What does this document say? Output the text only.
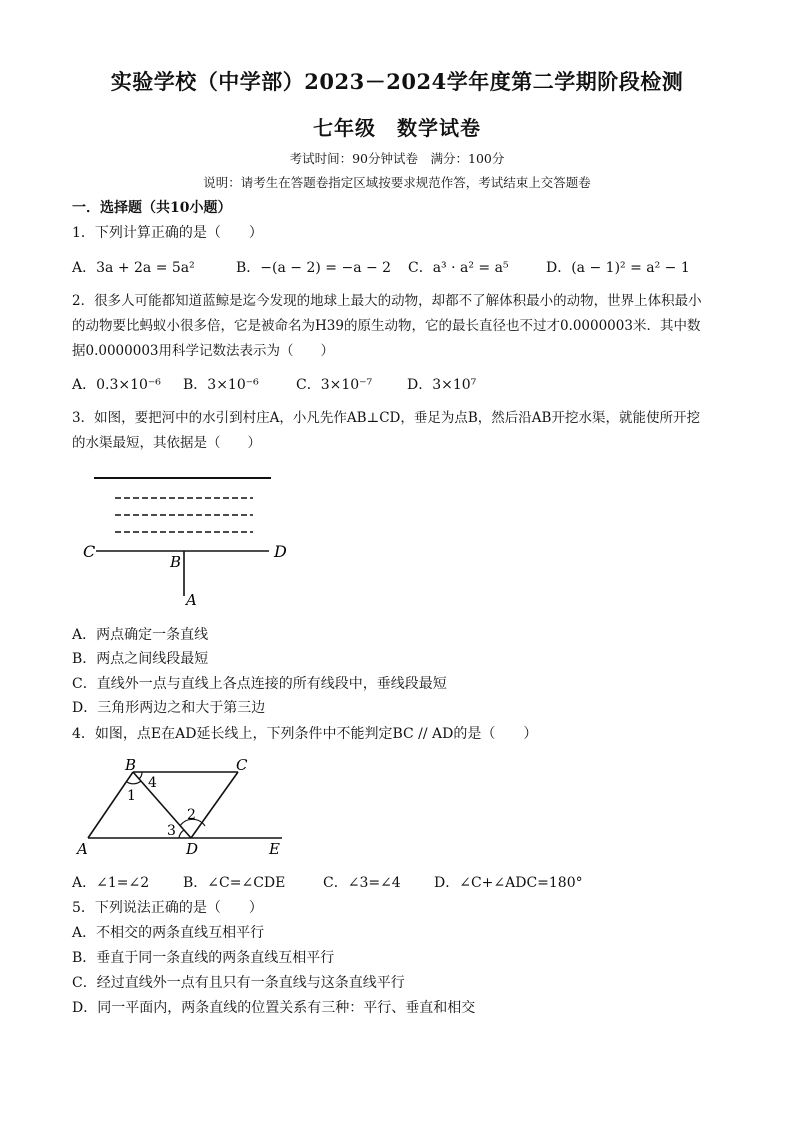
实验学校（中学部）2023－2024学年度第二学期阶段检测
七年级　数学试卷
考试时间：90分钟试卷　满分：100分
说明：请考生在答题卷指定区域按要求规范作答，考试结束上交答题卷
一．选择题（共10小题）
1．下列计算正确的是（　　）
A．3a + 2a = 5a²	B．−(a − 2) = −a − 2 C．a³ · a² = a⁵	D．(a − 1)² = a² − 1
2．很多人可能都知道蓝鲸是迄今发现的地球上最大的动物，却都不了解体积最小的动物，世界上体积最小
的动物要比蚂蚁小很多倍，它是被命名为H39的原生动物，它的最长直径也不过才0.0000003米．其中数
据0.0000003用科学记数法表示为（　　）
A．0.3×10⁻⁶ B．3×10⁻⁶	C．3×10⁻⁷ D．3×10⁷
3．如图，要把河中的水引到村庄A，小凡先作AB⊥CD，垂足为点B，然后沿AB开挖水渠，就能使所开挖
的水渠最短，其依据是（　　）
C
B
D
A
A．两点确定一条直线
B．两点之间线段最短
C．直线外一点与直线上各点连接的所有线段中，垂线段最短
D．三角形两边之和大于第三边
4．如图，点E在AD延长线上，下列条件中不能判定BC // AD的是（　　）
B	C
A	D	E
1
4
2
3
A．∠1=∠2 B．∠C=∠CDE	C．∠3=∠4 D．∠C+∠ADC=180°
5．下列说法正确的是（　　）
A．不相交的两条直线互相平行
B．垂直于同一条直线的两条直线互相平行
C．经过直线外一点有且只有一条直线与这条直线平行
D．同一平面内，两条直线的位置关系有三种：平行、垂直和相交
